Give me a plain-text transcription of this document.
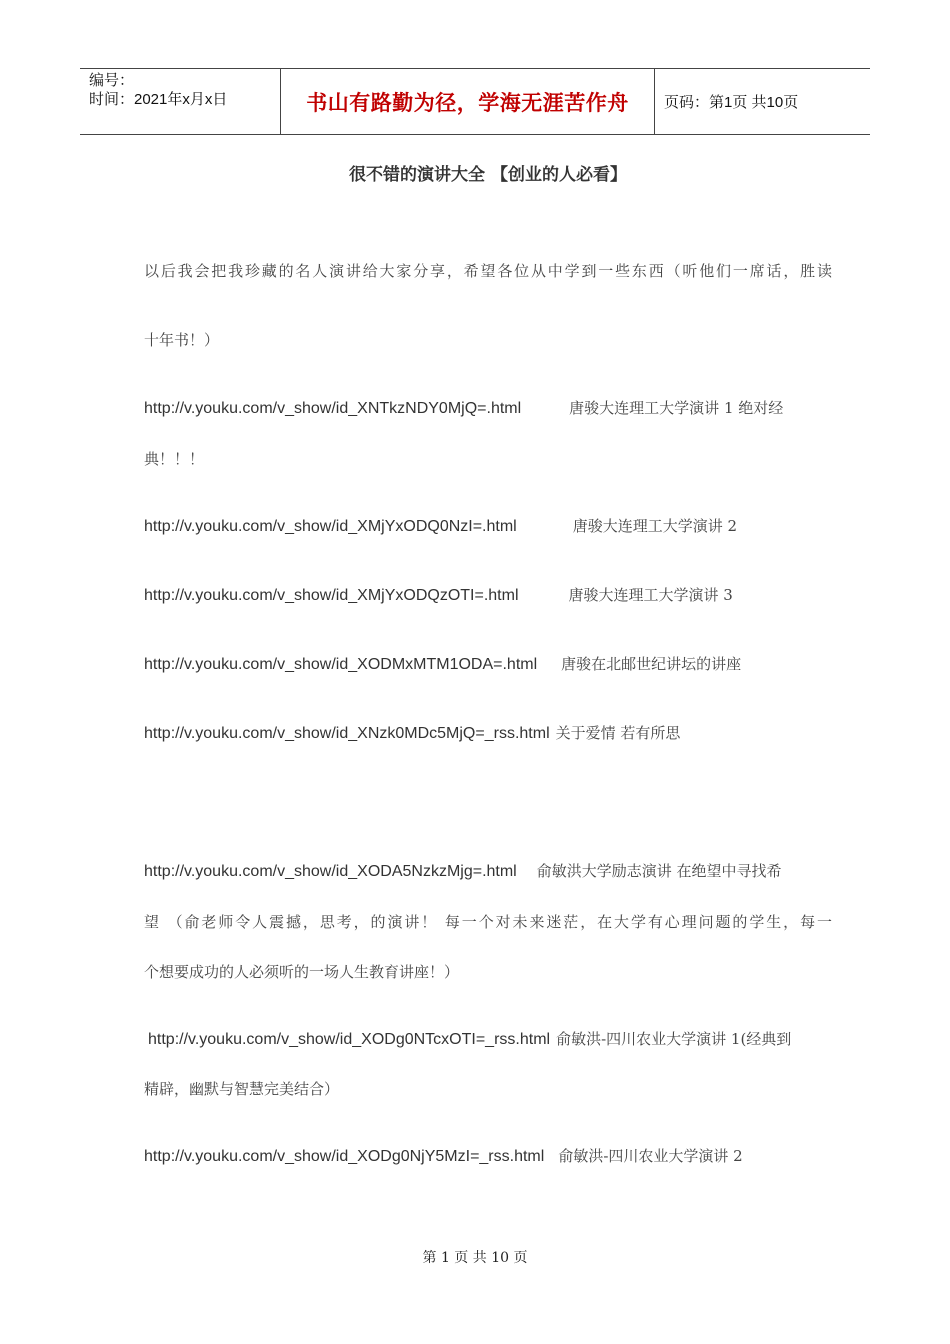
编号：
时间：2021年x月x日	书山有路勤为径，学海无涯苦作舟	页码：第1页 共10页
很不错的演讲大全 【创业的人必看】
以后我会把我珍藏的名人演讲给大家分享，希望各位从中学到一些东西（听他们一席话，胜读
十年书！）
http://v.youku.com/v_show/id_XNTkzNDY0MjQ=.html	唐骏大连理工大学演讲 1 绝对经
典！！！
http://v.youku.com/v_show/id_XMjYxODQ0NzI=.html	唐骏大连理工大学演讲 2
http://v.youku.com/v_show/id_XMjYxODQzOTI=.html	唐骏大连理工大学演讲 3
http://v.youku.com/v_show/id_XODMxMTM1ODA=.html 唐骏在北邮世纪讲坛的讲座
http://v.youku.com/v_show/id_XNzk0MDc5MjQ=_rss.html 关于爱情 若有所思
http://v.youku.com/v_show/id_XODA5NzkzMjg=.html 俞敏洪大学励志演讲 在绝望中寻找希
望 （俞老师令人震撼，思考，的演讲！ 每一个对未来迷茫，在大学有心理问题的学生，每一
个想要成功的人必须听的一场人生教育讲座！）
http://v.youku.com/v_show/id_XODg0NTcxOTI=_rss.html 俞敏洪-四川农业大学演讲 1(经典到
精辟，幽默与智慧完美结合）
http://v.youku.com/v_show/id_XODg0NjY5MzI=_rss.html 俞敏洪-四川农业大学演讲 2
第 1 页 共 10 页
